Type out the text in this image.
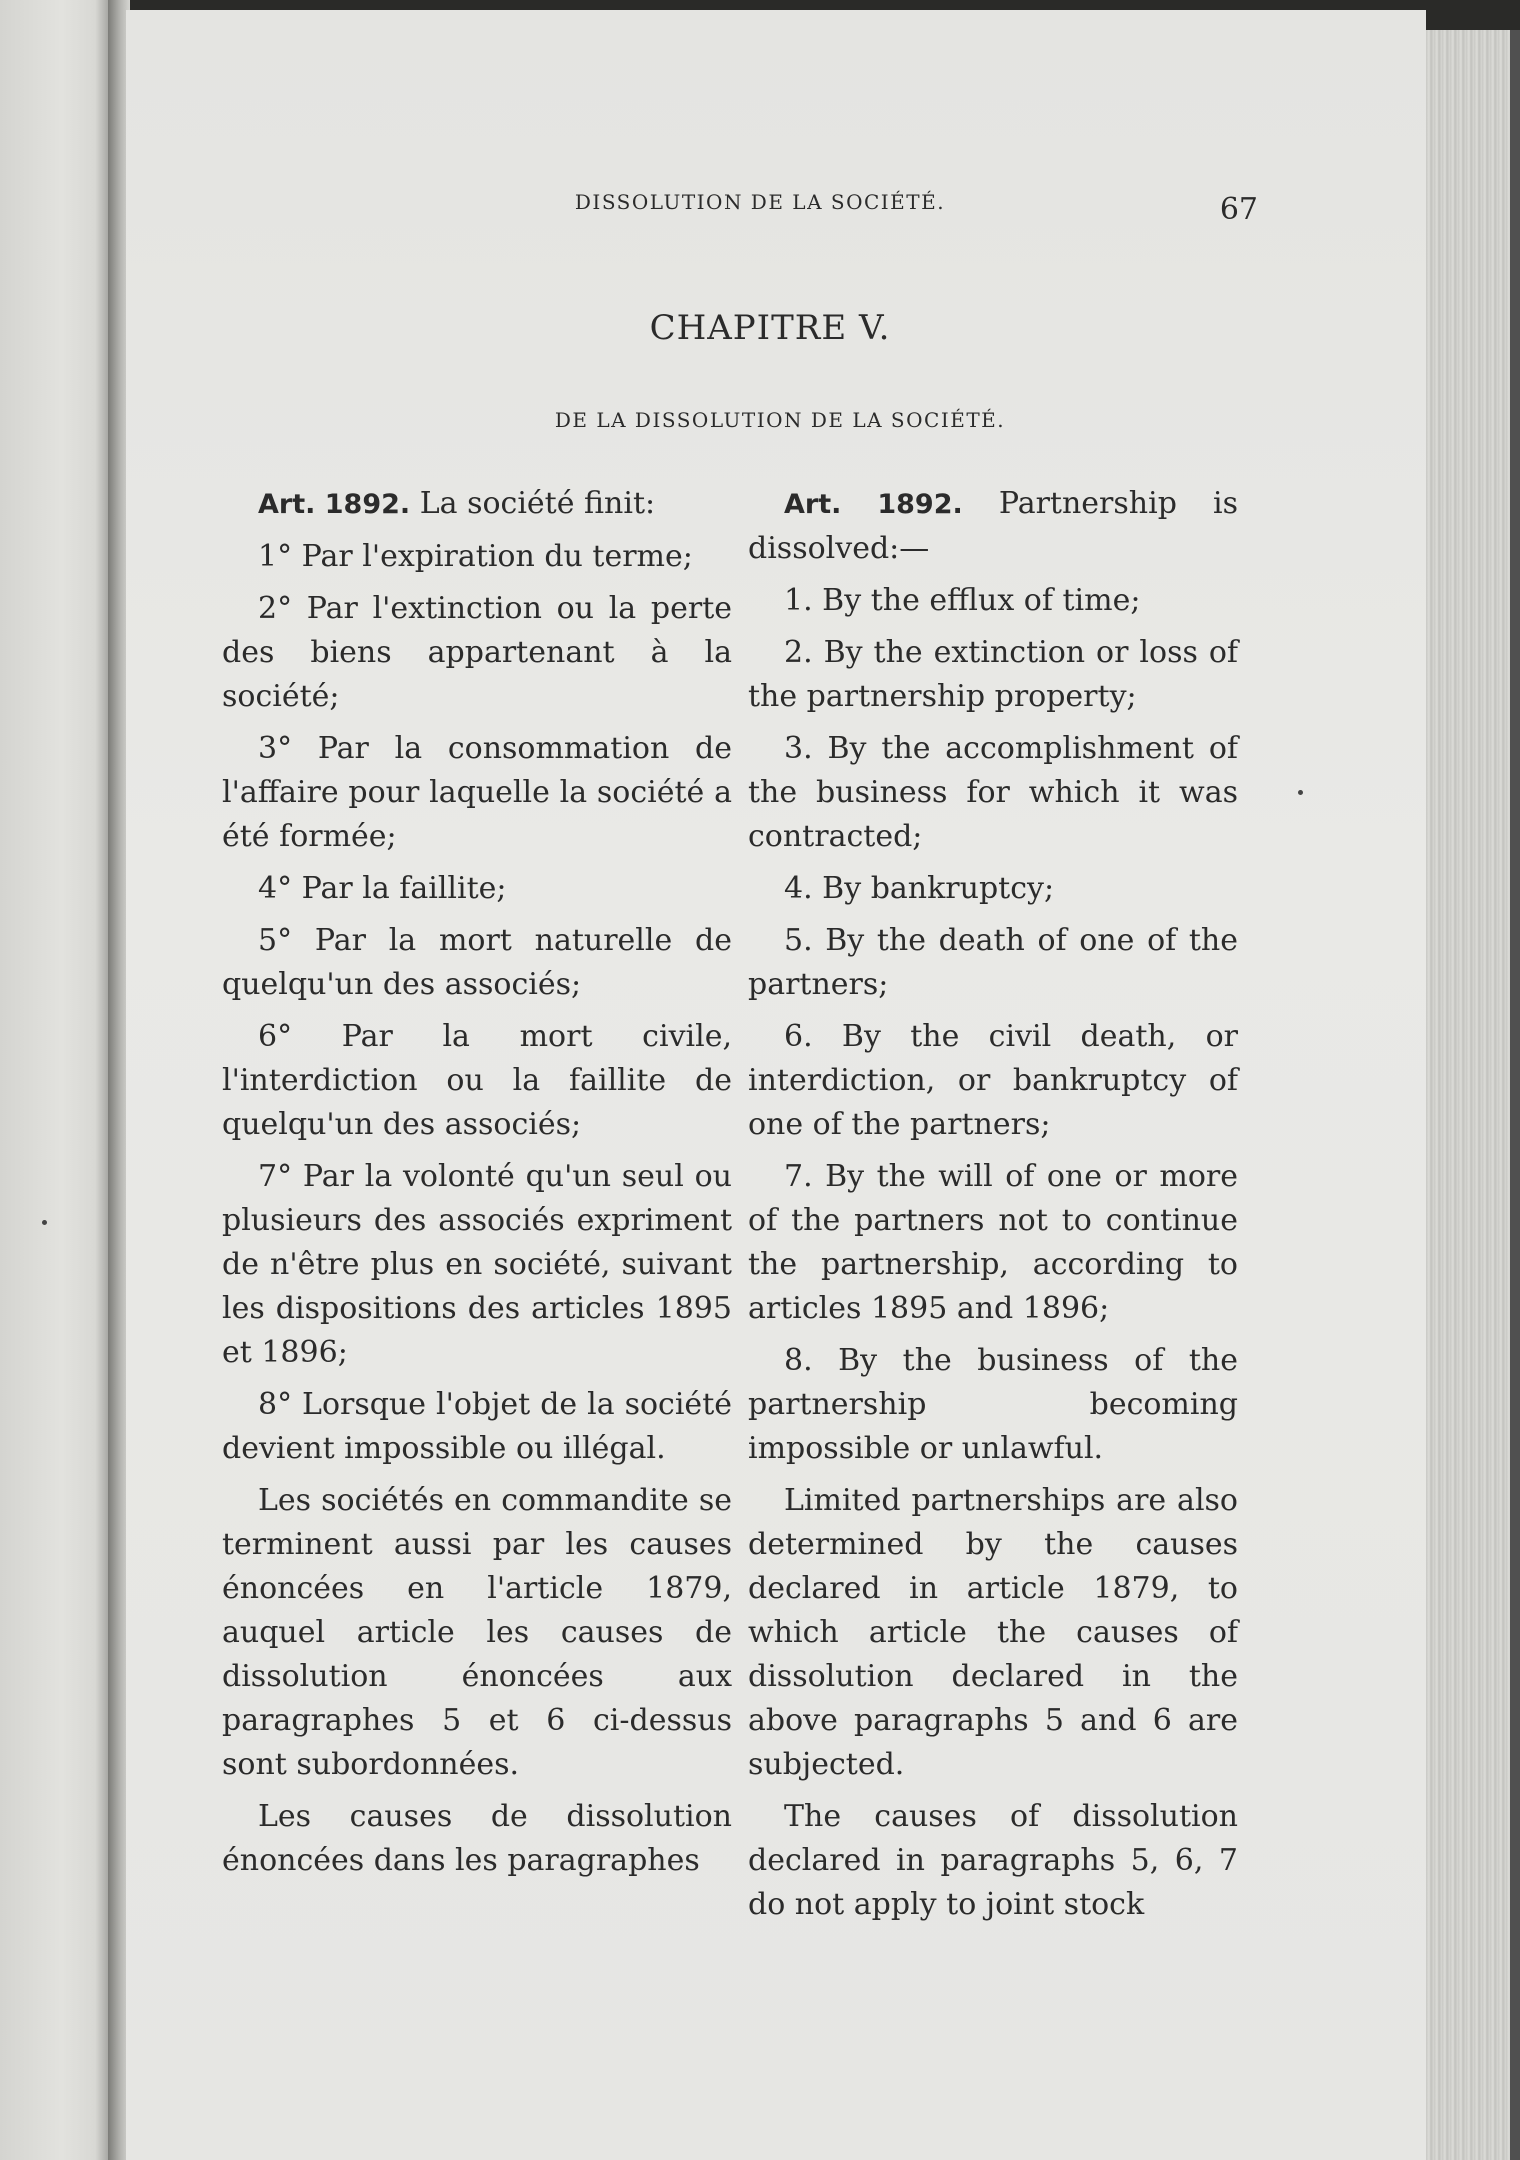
DISSOLUTION DE LA SOCIÉTÉ.	67
CHAPITRE V.
DE LA DISSOLUTION DE LA SOCIÉTÉ.

Art. 1892. La société finit:

1° Par l'expiration du terme;

2° Par l'extinction ou la perte des biens appartenant à la société;

3° Par la consommation de l'affaire pour laquelle la société a été formée;

4° Par la faillite;

5° Par la mort naturelle de quelqu'un des associés;

6° Par la mort civile, l'interdiction ou la faillite de quelqu'un des associés;

7° Par la volonté qu'un seul ou plusieurs des associés expriment de n'être plus en société, suivant les dispositions des articles 1895 et 1896;

8° Lorsque l'objet de la société devient impossible ou illégal.

Les sociétés en commandite se terminent aussi par les causes énoncées en l'article 1879, auquel article les causes de dissolution énoncées aux paragraphes 5 et 6 ci-dessus sont subordonnées.

Les causes de dissolution énoncées dans les paragraphes

Art. 1892. Partnership is dissolved:—

1. By the efflux of time;

2. By the extinction or loss of the partnership property;

3. By the accomplishment of the business for which it was contracted;

4. By bankruptcy;

5. By the death of one of the partners;

6. By the civil death, or interdiction, or bankruptcy of one of the partners;

7. By the will of one or more of the partners not to continue the partnership, according to articles 1895 and 1896;

8. By the business of the partnership becoming impossible or unlawful.

Limited partnerships are also determined by the causes declared in article 1879, to which article the causes of dissolution declared in the above paragraphs 5 and 6 are subjected.

The causes of dissolution declared in paragraphs 5, 6, 7 do not apply to joint stock
